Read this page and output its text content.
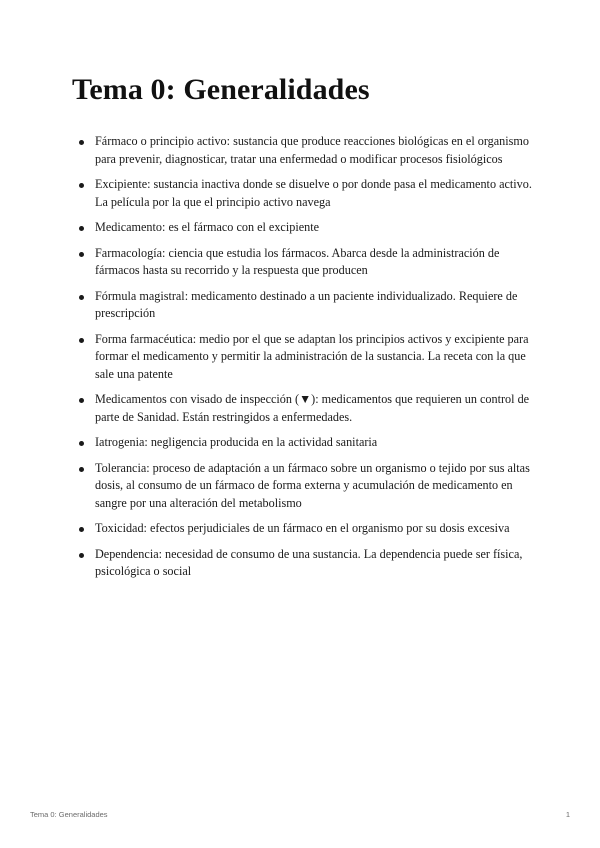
Tema 0: Generalidades
Fármaco o principio activo: sustancia que produce reacciones biológicas en el organismo para prevenir, diagnosticar, tratar una enfermedad o modificar procesos fisiológicos
Excipiente: sustancia inactiva donde se disuelve o por donde pasa el medicamento activo. La película por la que el principio activo navega
Medicamento: es el fármaco con el excipiente
Farmacología: ciencia que estudia los fármacos. Abarca desde la administración de fármacos hasta su recorrido y la respuesta que producen
Fórmula magistral: medicamento destinado a un paciente individualizado. Requiere de prescripción
Forma farmacéutica: medio por el que se adaptan los principios activos y excipiente para formar el medicamento y permitir la administración de la sustancia. La receta con la que sale una patente
Medicamentos con visado de inspección (▼): medicamentos que requieren un control de parte de Sanidad. Están restringidos a enfermedades.
Iatrogenia: negligencia producida en la actividad sanitaria
Tolerancia: proceso de adaptación a un fármaco sobre un organismo o tejido por sus altas dosis, al consumo de un fármaco de forma externa y acumulación de medicamento en sangre por una alteración del metabolismo
Toxicidad: efectos perjudiciales de un fármaco en el organismo por su dosis excesiva
Dependencia: necesidad de consumo de una sustancia. La dependencia puede ser física, psicológica o social
Tema 0: Generalidades	1
